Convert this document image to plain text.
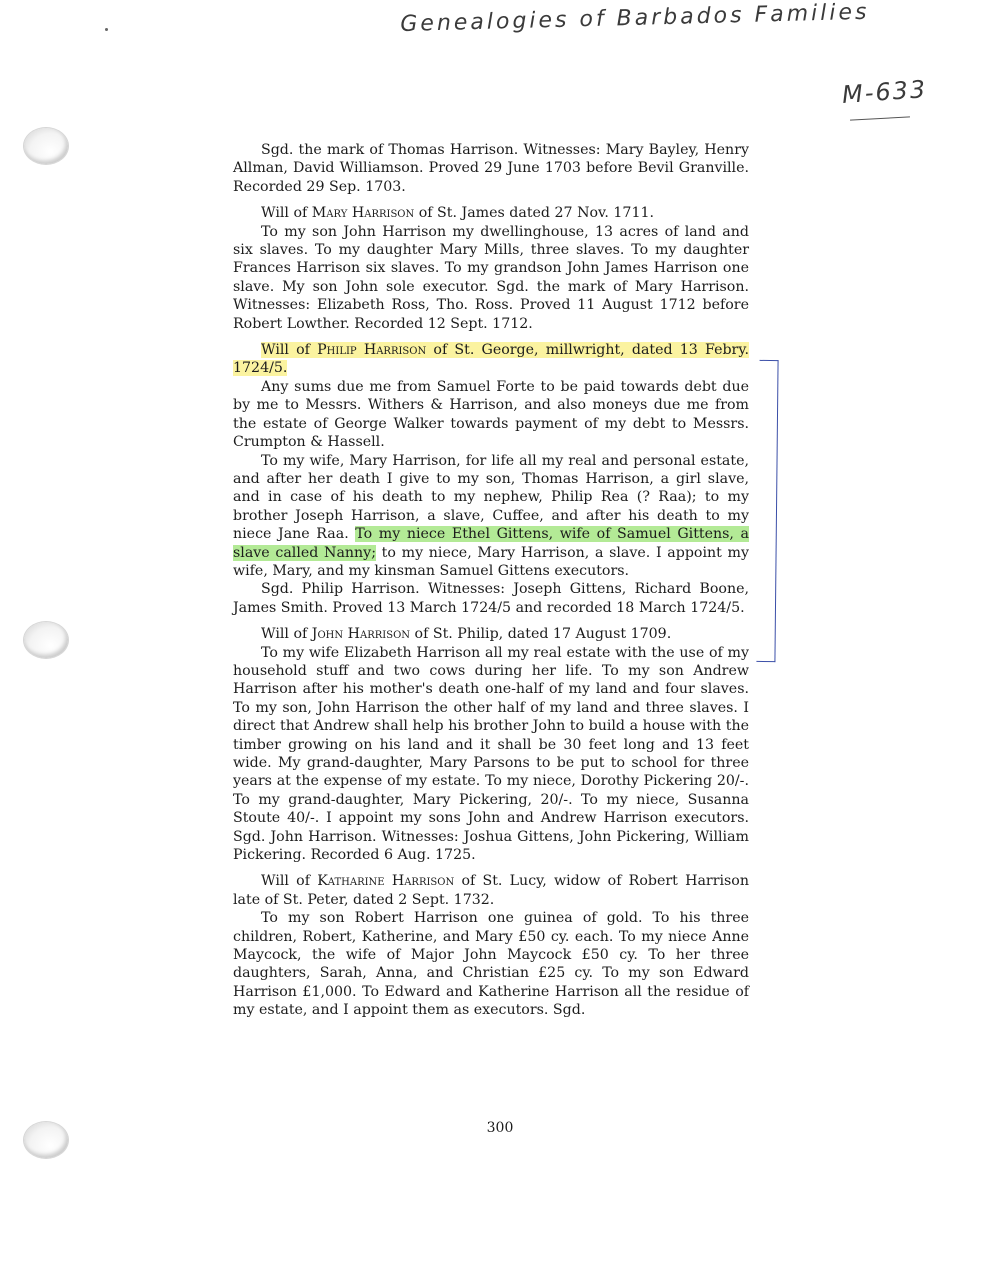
Genealogies of Barbados Families
M-633

Sgd. the mark of Thomas Harrison. Witnesses: Mary Bayley, Henry Allman, David Williamson. Proved 29 June 1703 before Bevil Granville. Recorded 29 Sep. 1703.

Will of Mary Harrison of St. James dated 27 Nov. 1711.

To my son John Harrison my dwellinghouse, 13 acres of land and six slaves. To my daughter Mary Mills, three slaves. To my daughter Frances Harrison six slaves. To my grandson John James Harrison one slave. My son John sole executor. Sgd. the mark of Mary Harrison. Witnesses: Elizabeth Ross, Tho. Ross. Proved 11 August 1712 before Robert Lowther. Recorded 12 Sept. 1712.

Will of Philip Harrison of St. George, millwright, dated 13 Febry. 1724/5.

Any sums due me from Samuel Forte to be paid towards debt due by me to Messrs. Withers & Harrison, and also moneys due me from the estate of George Walker towards payment of my debt to Messrs. Crumpton & Hassell.

To my wife, Mary Harrison, for life all my real and personal estate, and after her death I give to my son, Thomas Harrison, a girl slave, and in case of his death to my nephew, Philip Rea (? Raa); to my brother Joseph Harrison, a slave, Cuffee, and after his death to my niece Jane Raa. To my niece Ethel Gittens, wife of Samuel Gittens, a slave called Nanny; to my niece, Mary Harrison, a slave. I appoint my wife, Mary, and my kinsman Samuel Gittens executors.

Sgd. Philip Harrison. Witnesses: Joseph Gittens, Richard Boone, James Smith. Proved 13 March 1724/5 and recorded 18 March 1724/5.

Will of John Harrison of St. Philip, dated 17 August 1709.

To my wife Elizabeth Harrison all my real estate with the use of my household stuff and two cows during her life. To my son Andrew Harrison after his mother's death one-half of my land and four slaves. To my son, John Harrison the other half of my land and three slaves. I direct that Andrew shall help his brother John to build a house with the timber growing on his land and it shall be 30 feet long and 13 feet wide. My grand-daughter, Mary Parsons to be put to school for three years at the expense of my estate. To my niece, Dorothy Pickering 20/-. To my grand-daughter, Mary Pickering, 20/-. To my niece, Susanna Stoute 40/-. I appoint my sons John and Andrew Harrison executors. Sgd. John Harrison. Witnesses: Joshua Gittens, John Pickering, William Pickering. Recorded 6 Aug. 1725.

Will of Katharine Harrison of St. Lucy, widow of Robert Harrison late of St. Peter, dated 2 Sept. 1732.

To my son Robert Harrison one guinea of gold. To his three children, Robert, Katherine, and Mary £50 cy. each. To my niece Anne Maycock, the wife of Major John Maycock £50 cy. To her three daughters, Sarah, Anna, and Christian £25 cy. To my son Edward Harrison £1,000. To Edward and Katherine Harrison all the residue of my estate, and I appoint them as executors. Sgd.

300
